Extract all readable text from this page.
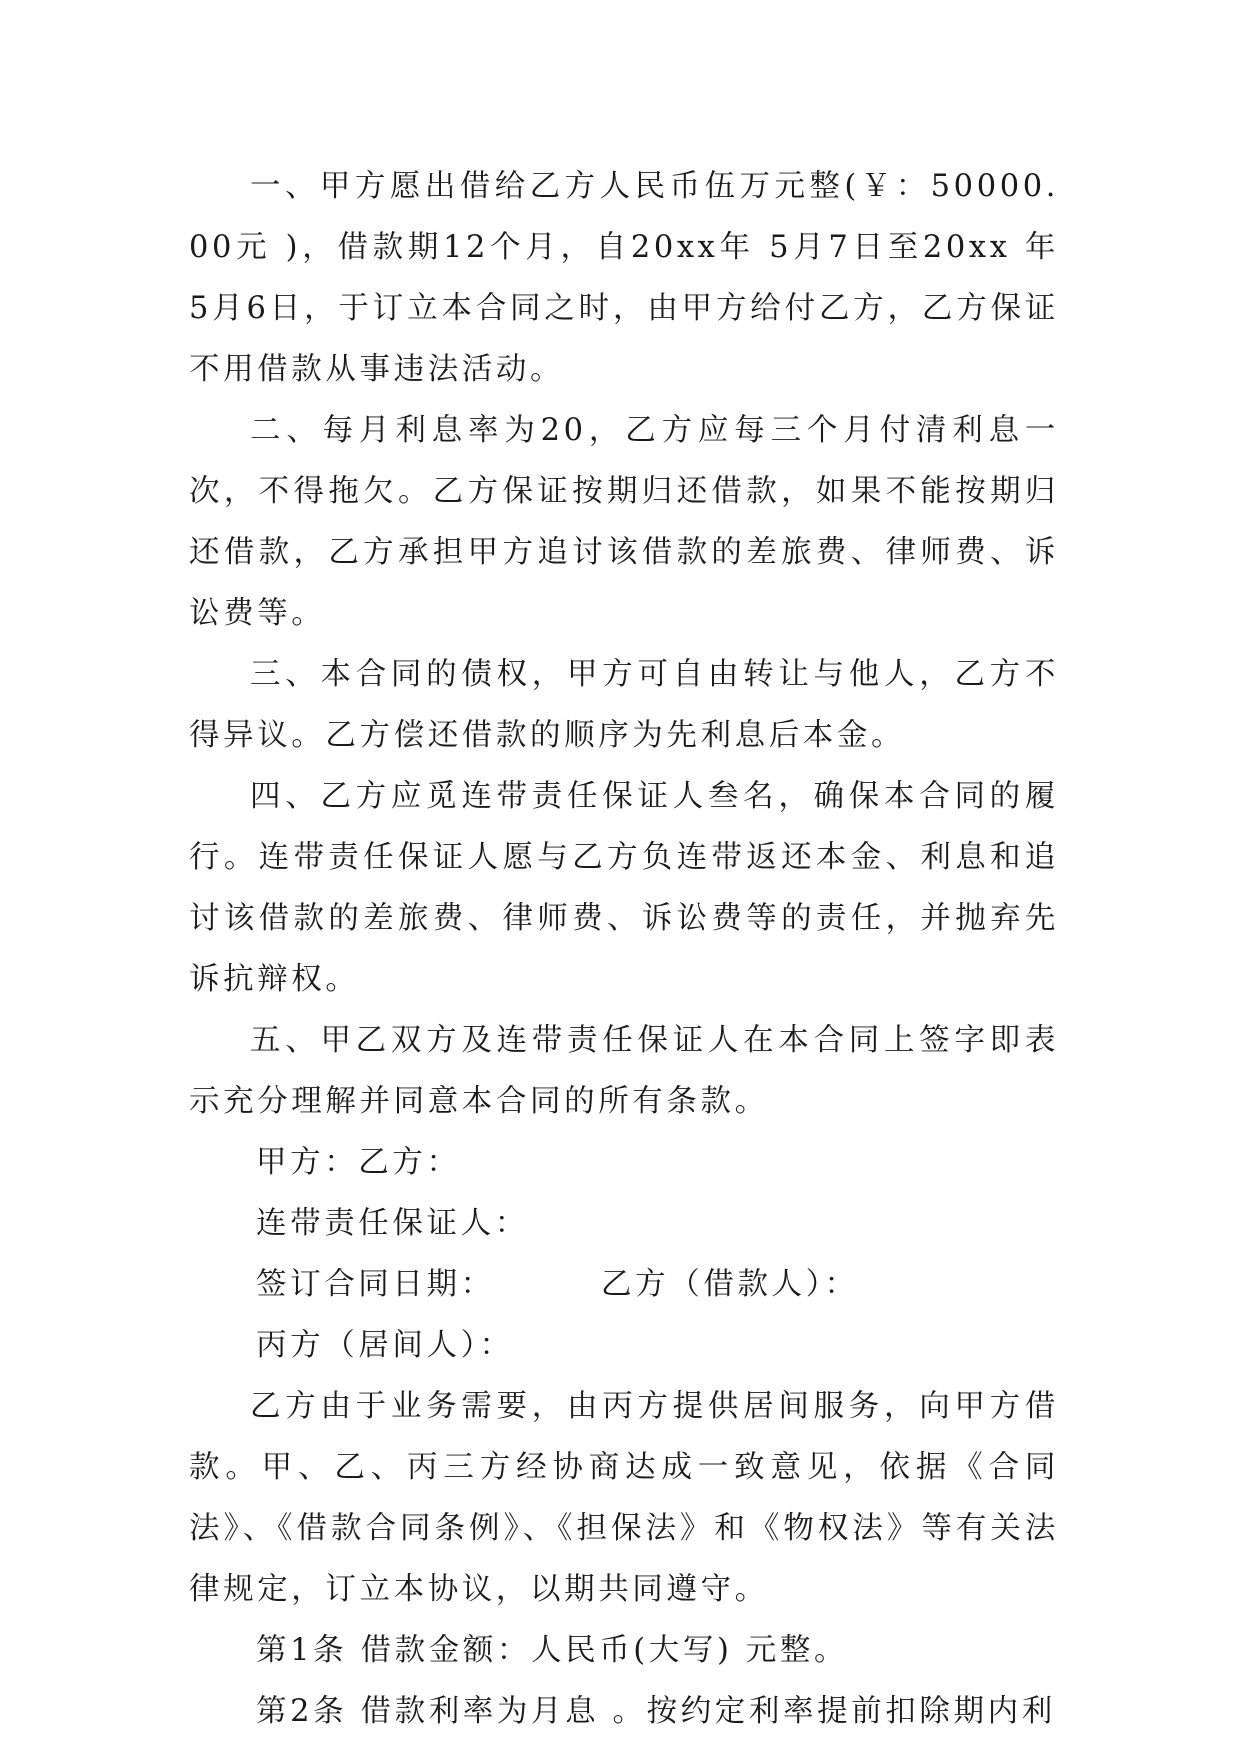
一、甲方愿出借给乙方人民币伍万元整(￥：50000.00元 )，借款期12个月，自20xx年 5月7日至20xx 年 5月6日，于订立本合同之时，由甲方给付乙方，乙方保证不用借款从事违法活动。

二、每月利息率为20，乙方应每三个月付清利息一次，不得拖欠。乙方保证按期归还借款，如果不能按期归还借款，乙方承担甲方追讨该借款的差旅费、律师费、诉讼费等。

三、本合同的债权，甲方可自由转让与他人，乙方不得异议。乙方偿还借款的顺序为先利息后本金。

四、乙方应觅连带责任保证人叁名，确保本合同的履行。连带责任保证人愿与乙方负连带返还本金、利息和追讨该借款的差旅费、律师费、诉讼费等的责任，并抛弃先诉抗辩权。

五、甲乙双方及连带责任保证人在本合同上签字即表示充分理解并同意本合同的所有条款。

甲方：乙方：

连带责任保证人：

签订合同日期：        乙方（借款人）：

丙方（居间人）：

乙方由于业务需要，由丙方提供居间服务，向甲方借款。甲、乙、丙三方经协商达成一致意见，依据《合同法》、《借款合同条例》、《担保法》和《物权法》等有关法律规定，订立本协议，以期共同遵守。

第1条 借款金额：人民币(大写) 元整。

第2条 借款利率为月息 。按约定利率提前扣除期内利
